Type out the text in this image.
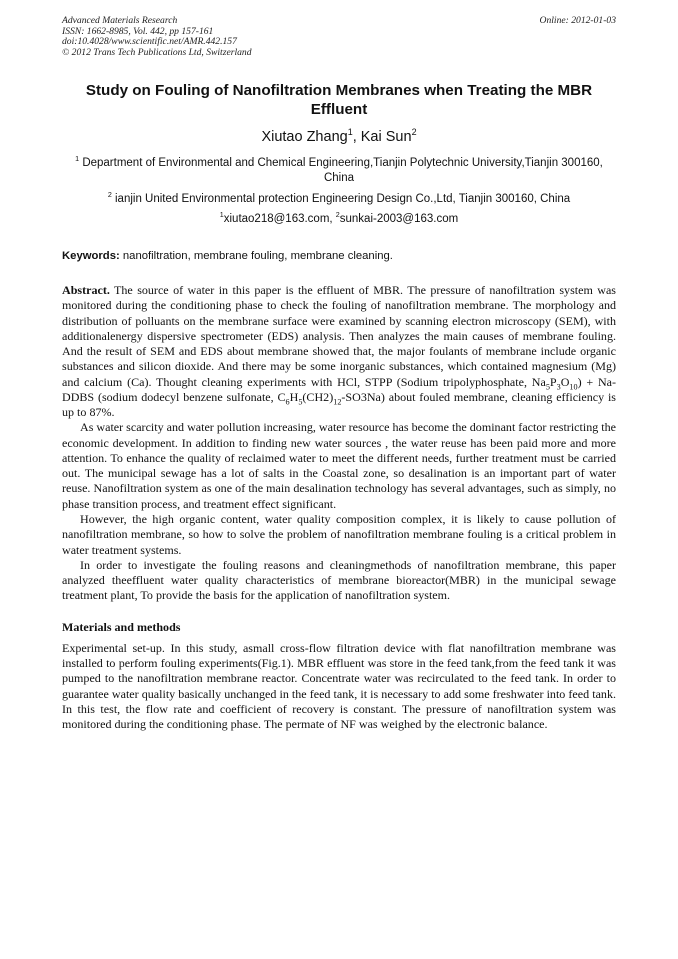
Advanced Materials Research
ISSN: 1662-8985, Vol. 442, pp 157-161
doi:10.4028/www.scientific.net/AMR.442.157
© 2012 Trans Tech Publications Ltd, Switzerland
Online: 2012-01-03
Study on Fouling of Nanofiltration Membranes when Treating the MBR Effluent
Xiutao Zhang$^1$, Kai Sun$^2$
$^1$ Department of Environmental and Chemical Engineering,Tianjin Polytechnic University,Tianjin 300160, China
$^2$ ianjin United Environmental protection Engineering Design Co.,Ltd, Tianjin 300160, China
$^1$xiutao218@163.com, $^2$sunkai-2003@163.com
Keywords: nanofiltration, membrane fouling, membrane cleaning.

Abstract. The source of water in this paper is the effluent of MBR. The pressure of nanofiltration system was monitored during the conditioning phase to check the fouling of nanofiltration membrane. The morphology and distribution of polluants on the membrane surface were examined by scanning electron microscopy (SEM), with additionalenergy dispersive spectrometer (EDS) analysis. Then analyzes the main causes of membrane fouling. And the result of SEM and EDS about membrane showed that, the major foulants of membrane include organic substances and silicon dioxide. And there may be some inorganic substances, which contained magnesium (Mg) and calcium (Ca). Thought cleaning experiments with HCl, STPP (Sodium tripolyphosphate, $Na_5P_3O_{10}$) + Na-DDBS (sodium dodecyl benzene sulfonate, $C_6H_5(CH2)_{12}-SO3Na$) about fouled membrane, cleaning efficiency is up to 87%.

As water scarcity and water pollution increasing, water resource has become the dominant factor restricting the economic development. In addition to finding new water sources , the water reuse has been paid more and more attention. To enhance the quality of reclaimed water to meet the different needs, further treatment must be carried out. The municipal sewage has a lot of salts in the Coastal zone, so desalination is an important part of water reuse. Nanofiltration system as one of the main desalination technology has several advantages, such as simply, no phase transition process, and treatment effect significant.

However, the high organic content, water quality composition complex, it is likely to cause pollution of nanofiltration membrane, so how to solve the problem of nanofiltration membrane fouling is a critical problem in water treatment systems.

In order to investigate the fouling reasons and cleaningmethods of nanofiltration membrane, this paper analyzed theeffluent water quality characteristics of membrane bioreactor(MBR) in the municipal sewage treatment plant, To provide the basis for the application of nanofiltration system.

Materials and methods

Experimental set-up. In this study, asmall cross-flow filtration device with flat nanofiltration membrane was installed to perform fouling experiments(Fig.1). MBR effluent was store in the feed tank,from the feed tank it was pumped to the nanofiltration membrane reactor. Concentrate water was recirculated to the feed tank. In order to guarantee water quality basically unchanged in the feed tank, it is necessary to add some freshwater into feed tank. In this test, the flow rate and coefficient of recovery is constant. The pressure of nanofiltration system was monitored during the conditioning phase. The permate of NF was weighed by the electronic balance.
